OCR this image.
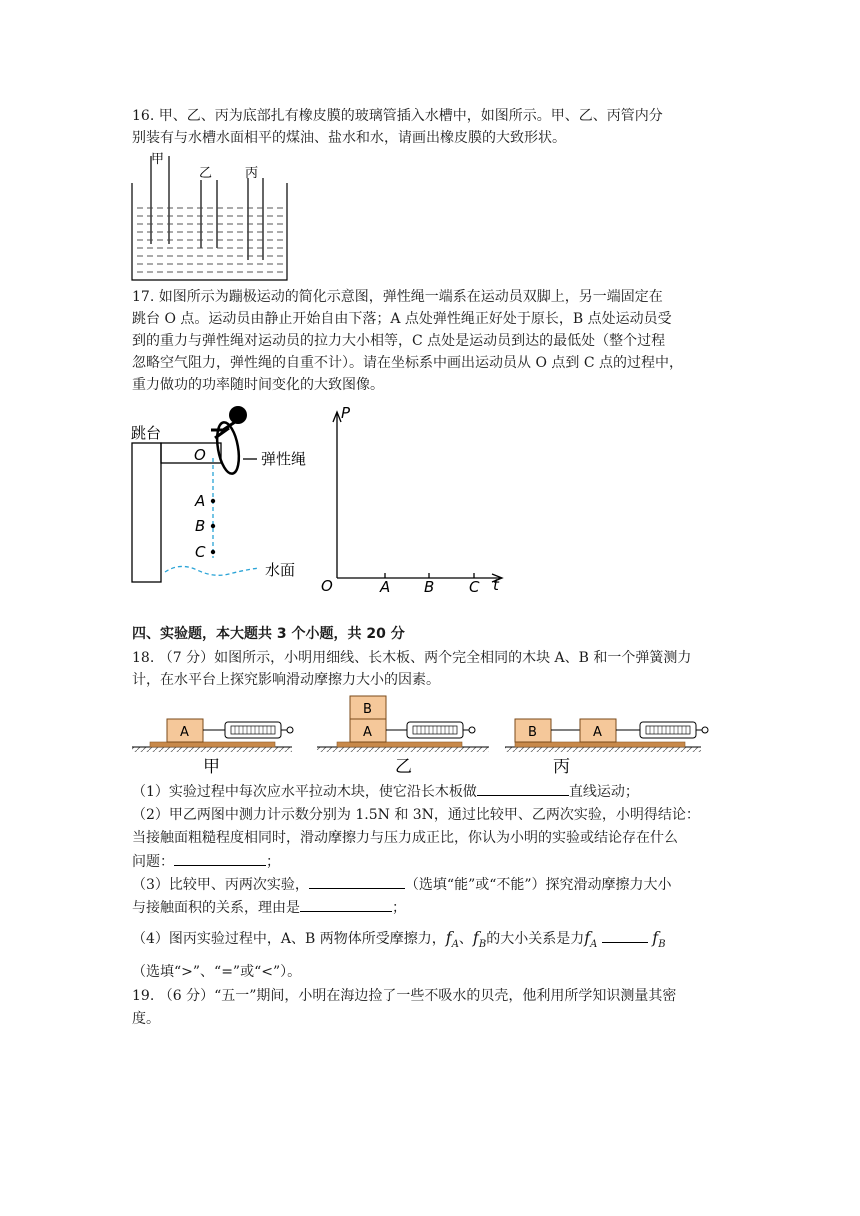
16. 甲、乙、丙为底部扎有橡皮膜的玻璃管插入水槽中，如图所示。甲、乙、丙管内分
别装有与水槽水面相平的煤油、盐水和水，请画出橡皮膜的大致形状。
甲
乙	丙
17. 如图所示为蹦极运动的简化示意图，弹性绳一端系在运动员双脚上，另一端固定在
跳台 O 点。运动员由静止开始自由下落；A 点处弹性绳正好处于原长，B 点处运动员受
到的重力与弹性绳对运动员的拉力大小相等，C 点处是运动员到达的最低处（整个过程
忽略空气阻力，弹性绳的自重不计）。请在坐标系中画出运动员从 O 点到 C 点的过程中，
重力做功的功率随时间变化的大致图像。
跳台
O	弹性绳
A
B
C
水面
P
t
O	A B C
四、实验题，本大题共 3 个小题，共 20 分
18. （7 分）如图所示，小明用细线、长木板、两个完全相同的木块 A、B 和一个弹簧测力
计，在水平台上探究影响滑动摩擦力大小的因素。
A
B
A	B	A
甲	乙	丙
（1）实验过程中每次应水平拉动木块，使它沿长木板做	直线运动；
（2）甲乙两图中测力计示数分别为 1.5N 和 3N，通过比较甲、乙两次实验，小明得结论：
当接触面粗糙程度相同时，滑动摩擦力与压力成正比，你认为小明的实验或结论存在什么
问题：	；
（3）比较甲、丙两次实验，	（选填“能”或“不能”）探究滑动摩擦力大小
与接触面积的关系，理由是	；
（4）图丙实验过程中，A、B 两物体所受摩擦力，$f_A$、$f_B$的大小关系是力$f_A$	$f_B$
（选填“>”、“=”或“<”）。
19. （6 分）“五一”期间，小明在海边捡了一些不吸水的贝壳，他利用所学知识测量其密
度。
